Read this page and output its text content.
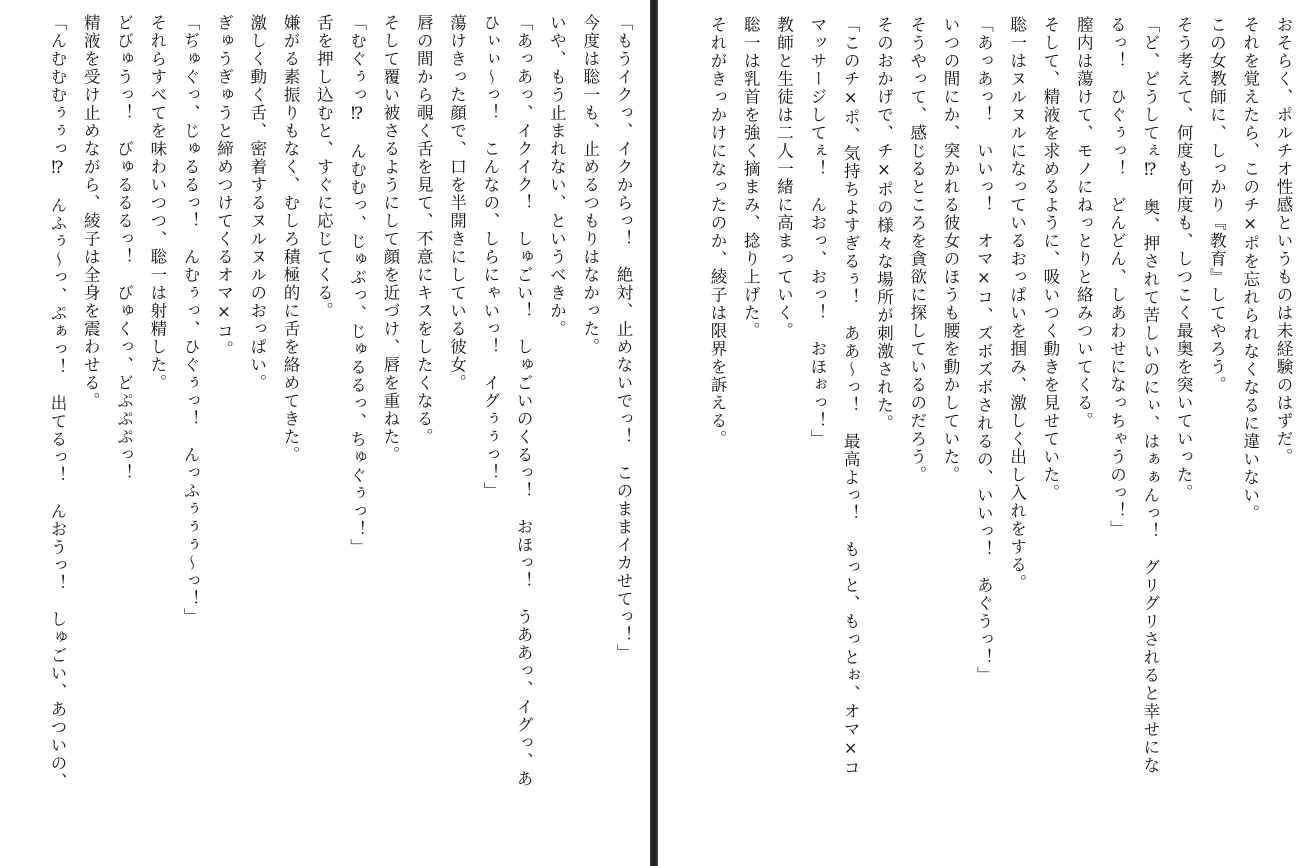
「もうイクっ、イクからっ！　絶対、止めないでっ！　このままイカせてっ！」
今度は聡一も、止めるつもりはなかった。
いや、もう止まれない、というべきか。
「あっあっ、イクイク！　しゅごい！　しゅごいのくるっ！　おほっ！　うああっ、イグっ、あ
ひぃぃ～っ！　こんなの、しらにゃいっ！　イグぅぅっ！」
蕩けきった顔で、口を半開きにしている彼女。
唇の間から覗く舌を見て、不意にキスをしたくなる。
そして覆い被さるようにして顔を近づけ、唇を重ねた。
「むぐぅっ⁉　んむむっ、じゅぶっ、じゅるるっ、ちゅぐぅっ！」
舌を押し込むと、すぐに応じてくる。
嫌がる素振りもなく、むしろ積極的に舌を絡めてきた。
激しく動く舌、密着するヌルヌルのおっぱい。
ぎゅうぎゅうと締めつけてくるオマ×コ。
「ぢゅぐっ、じゅるるっ！　んむぅっ、ひぐぅっ！　んっふぅぅぅ～っ！」
それらすべてを味わいつつ、聡一は射精した。
どびゅうっ！　びゅるるるっ！　びゅくっ、どぷぷぷっ！
精液を受け止めながら、綾子は全身を震わせる。
「んむむむぅぅっ⁉　んふぅ～っ、ぷぁっ！　出てるっ！　んおうっ！　しゅごい、あついの、	おそらく、ポルチオ性感というものは未経験のはずだ。
それを覚えたら、このチ×ポを忘れられなくなるに違いない。
この女教師に、しっかり『教育』してやろう。
そう考えて、何度も何度も、しつこく最奥を突いていった。
「ど、どうしてぇ⁉　奥、押されて苦しいのにぃ、はぁぁんっ！　グリグリされると幸せにな
るっ！　ひぐぅっ！　どんどん、しあわせになっちゃうのっ！」
膣内は蕩けて、モノにねっとりと絡みついてくる。
そして、精液を求めるように、吸いつく動きを見せていた。
聡一はヌルヌルになっているおっぱいを掴み、激しく出し入れをする。
「あっあっ！　いいっ！　オマ×コ、ズボズボされるの、いいっ！　あぐうっ！」
いつの間にか、突かれる彼女のほうも腰を動かしていた。
そうやって、感じるところを貪欲に探しているのだろう。
そのおかげで、チ×ポの様々な場所が刺激された。
「このチ×ポ、気持ちよすぎるぅ！　ああ～っ！　最高よっ！　もっと、もっとぉ、オマ×コ
マッサージしてぇ！　んおっ、おっ！　おほぉっ！」
教師と生徒は二人一緒に高まっていく。
聡一は乳首を強く摘まみ、捻り上げた。
それがきっかけになったのか、綾子は限界を訴える。
